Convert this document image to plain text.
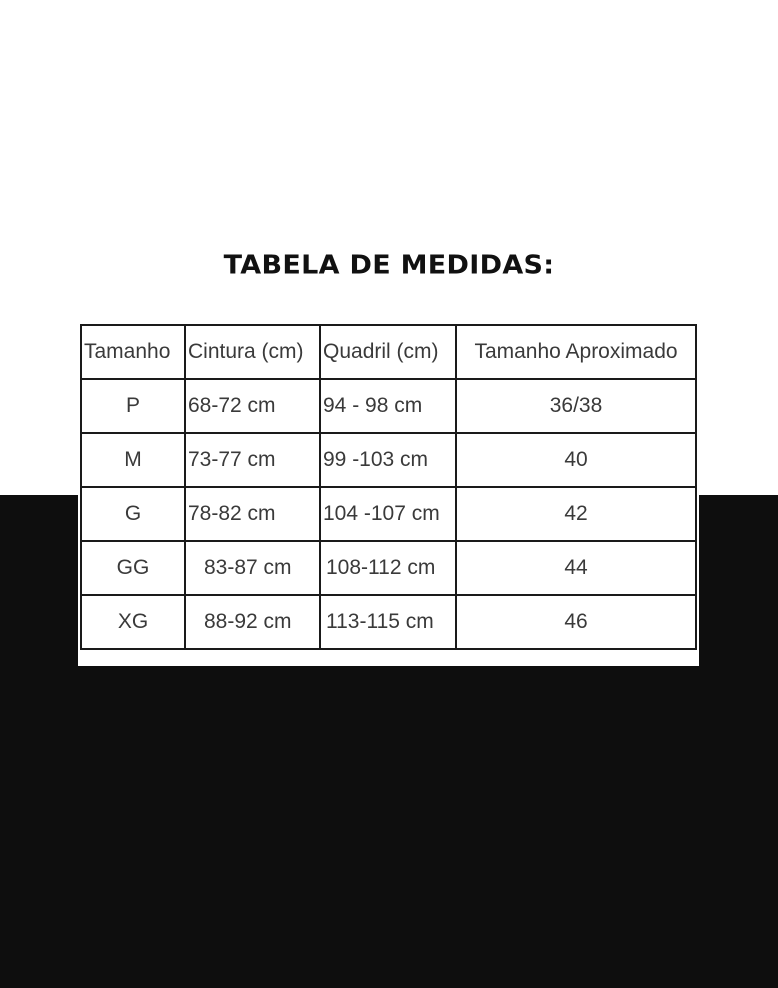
TABELA DE MEDIDAS:
Tamanho	Cintura (cm)	Quadril (cm)	Tamanho Aproximado
P	68-72 cm	94 - 98 cm	36/38
M	73-77 cm	99 -103 cm	40
G	78-82 cm	104 -107 cm	42
GG	83-87 cm	108-112 cm	44
XG	88-92 cm	113-115 cm	46
